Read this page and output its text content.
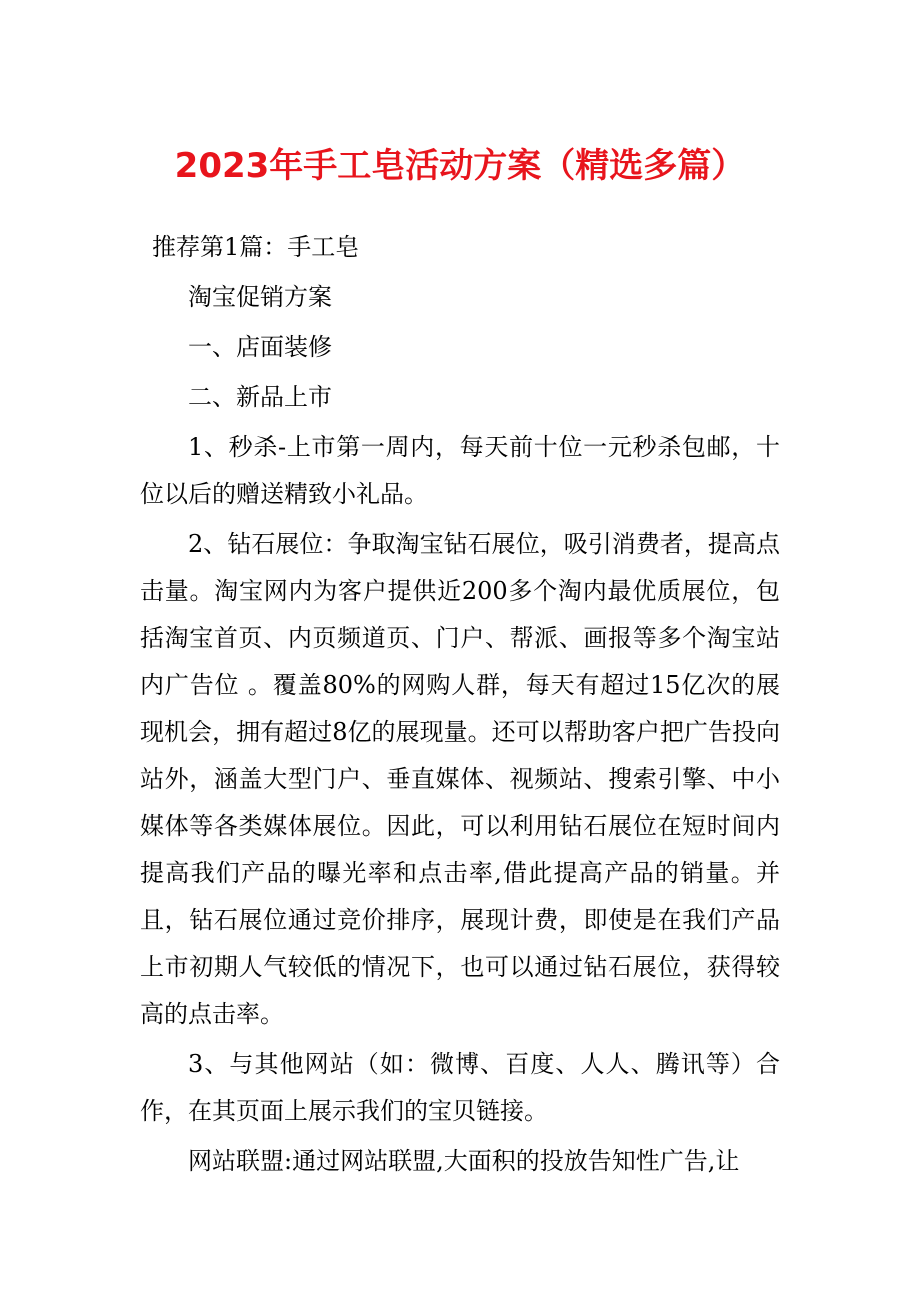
2023年手工皂活动方案（精选多篇）

推荐第1篇：手工皂

淘宝促销方案

一、店面装修

二、新品上市

1、秒杀-上市第一周内，每天前十位一元秒杀包邮，十位以后的赠送精致小礼品。

2、钻石展位：争取淘宝钻石展位，吸引消费者，提高点击量。淘宝网内为客户提供近200多个淘内最优质展位，包括淘宝首页、内页频道页、门户、帮派、画报等多个淘宝站内广告位 。覆盖80%的网购人群，每天有超过15亿次的展现机会，拥有超过8亿的展现量。还可以帮助客户把广告投向站外，涵盖大型门户、垂直媒体、视频站、搜索引擎、中小媒体等各类媒体展位。因此，可以利用钻石展位在短时间内提高我们产品的曝光率和点击率,借此提高产品的销量。并且，钻石展位通过竞价排序，展现计费，即使是在我们产品上市初期人气较低的情况下，也可以通过钻石展位，获得较高的点击率。

3、与其他网站（如：微博、百度、人人、腾讯等）合作，在其页面上展示我们的宝贝链接。

网站联盟:通过网站联盟,大面积的投放告知性广告,让
